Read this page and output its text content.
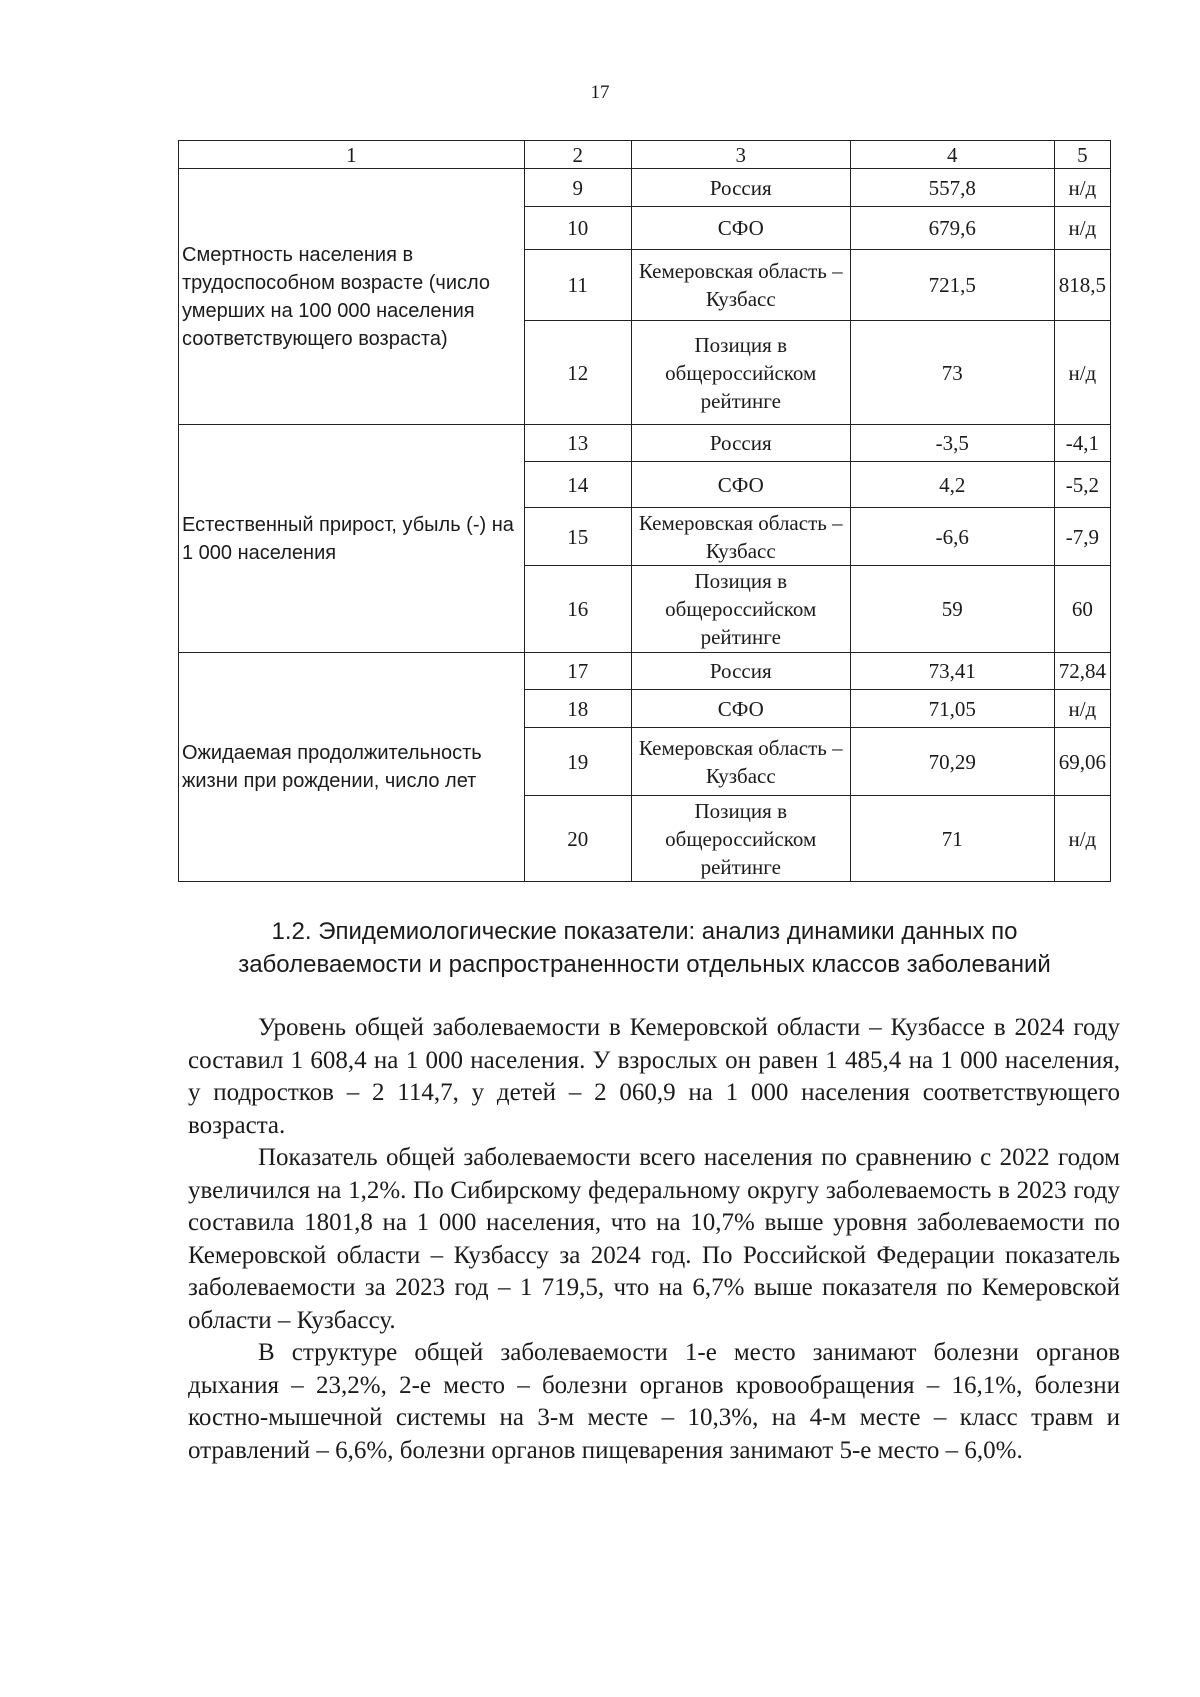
17
1	2	3	4	5
Смертность населения в трудоспособном возрасте (число умерших на 100 000 населения соответствующего возраста)	9	Россия	557,8	н/д
	10	СФО	679,6	н/д
	11	Кемеровская область – Кузбасс	721,5	818,5
	12	Позиция в общероссийском рейтинге	73	н/д
Естественный прирост, убыль (-) на 1 000 населения	13	Россия	-3,5	-4,1
	14	СФО	4,2	-5,2
	15	Кемеровская область – Кузбасс	-6,6	-7,9
	16	Позиция в общероссийском рейтинге	59	60
Ожидаемая продолжительность жизни при рождении, число лет	17	Россия	73,41	72,84
	18	СФО	71,05	н/д
	19	Кемеровская область – Кузбасс	70,29	69,06
	20	Позиция в общероссийском рейтинге	71	н/д
1.2. Эпидемиологические показатели: анализ динамики данных по
заболеваемости и распространенности отдельных классов заболеваний

Уровень общей заболеваемости в Кемеровской области – Кузбассе в 2024 году составил 1 608,4 на 1 000 населения. У взрослых он равен 1 485,4 на 1 000 населения, у подростков – 2 114,7, у детей – 2 060,9 на 1 000 населения соответствующего возраста.

Показатель общей заболеваемости всего населения по сравнению с 2022 годом увеличился на 1,2%. По Сибирскому федеральному округу заболеваемость в 2023 году составила 1801,8 на 1 000 населения, что на 10,7% выше уровня заболеваемости по Кемеровской области – Кузбассу за 2024 год. По Российской Федерации показатель заболеваемости за 2023 год – 1 719,5, что на 6,7% выше показателя по Кемеровской области – Кузбассу.

В структуре общей заболеваемости 1-е место занимают болезни органов дыхания – 23,2%, 2-е место – болезни органов кровообращения – 16,1%, болезни костно-мышечной системы на 3-м месте – 10,3%, на 4-м месте – класс травм и отравлений – 6,6%, болезни органов пищеварения занимают 5-е место – 6,0%.
